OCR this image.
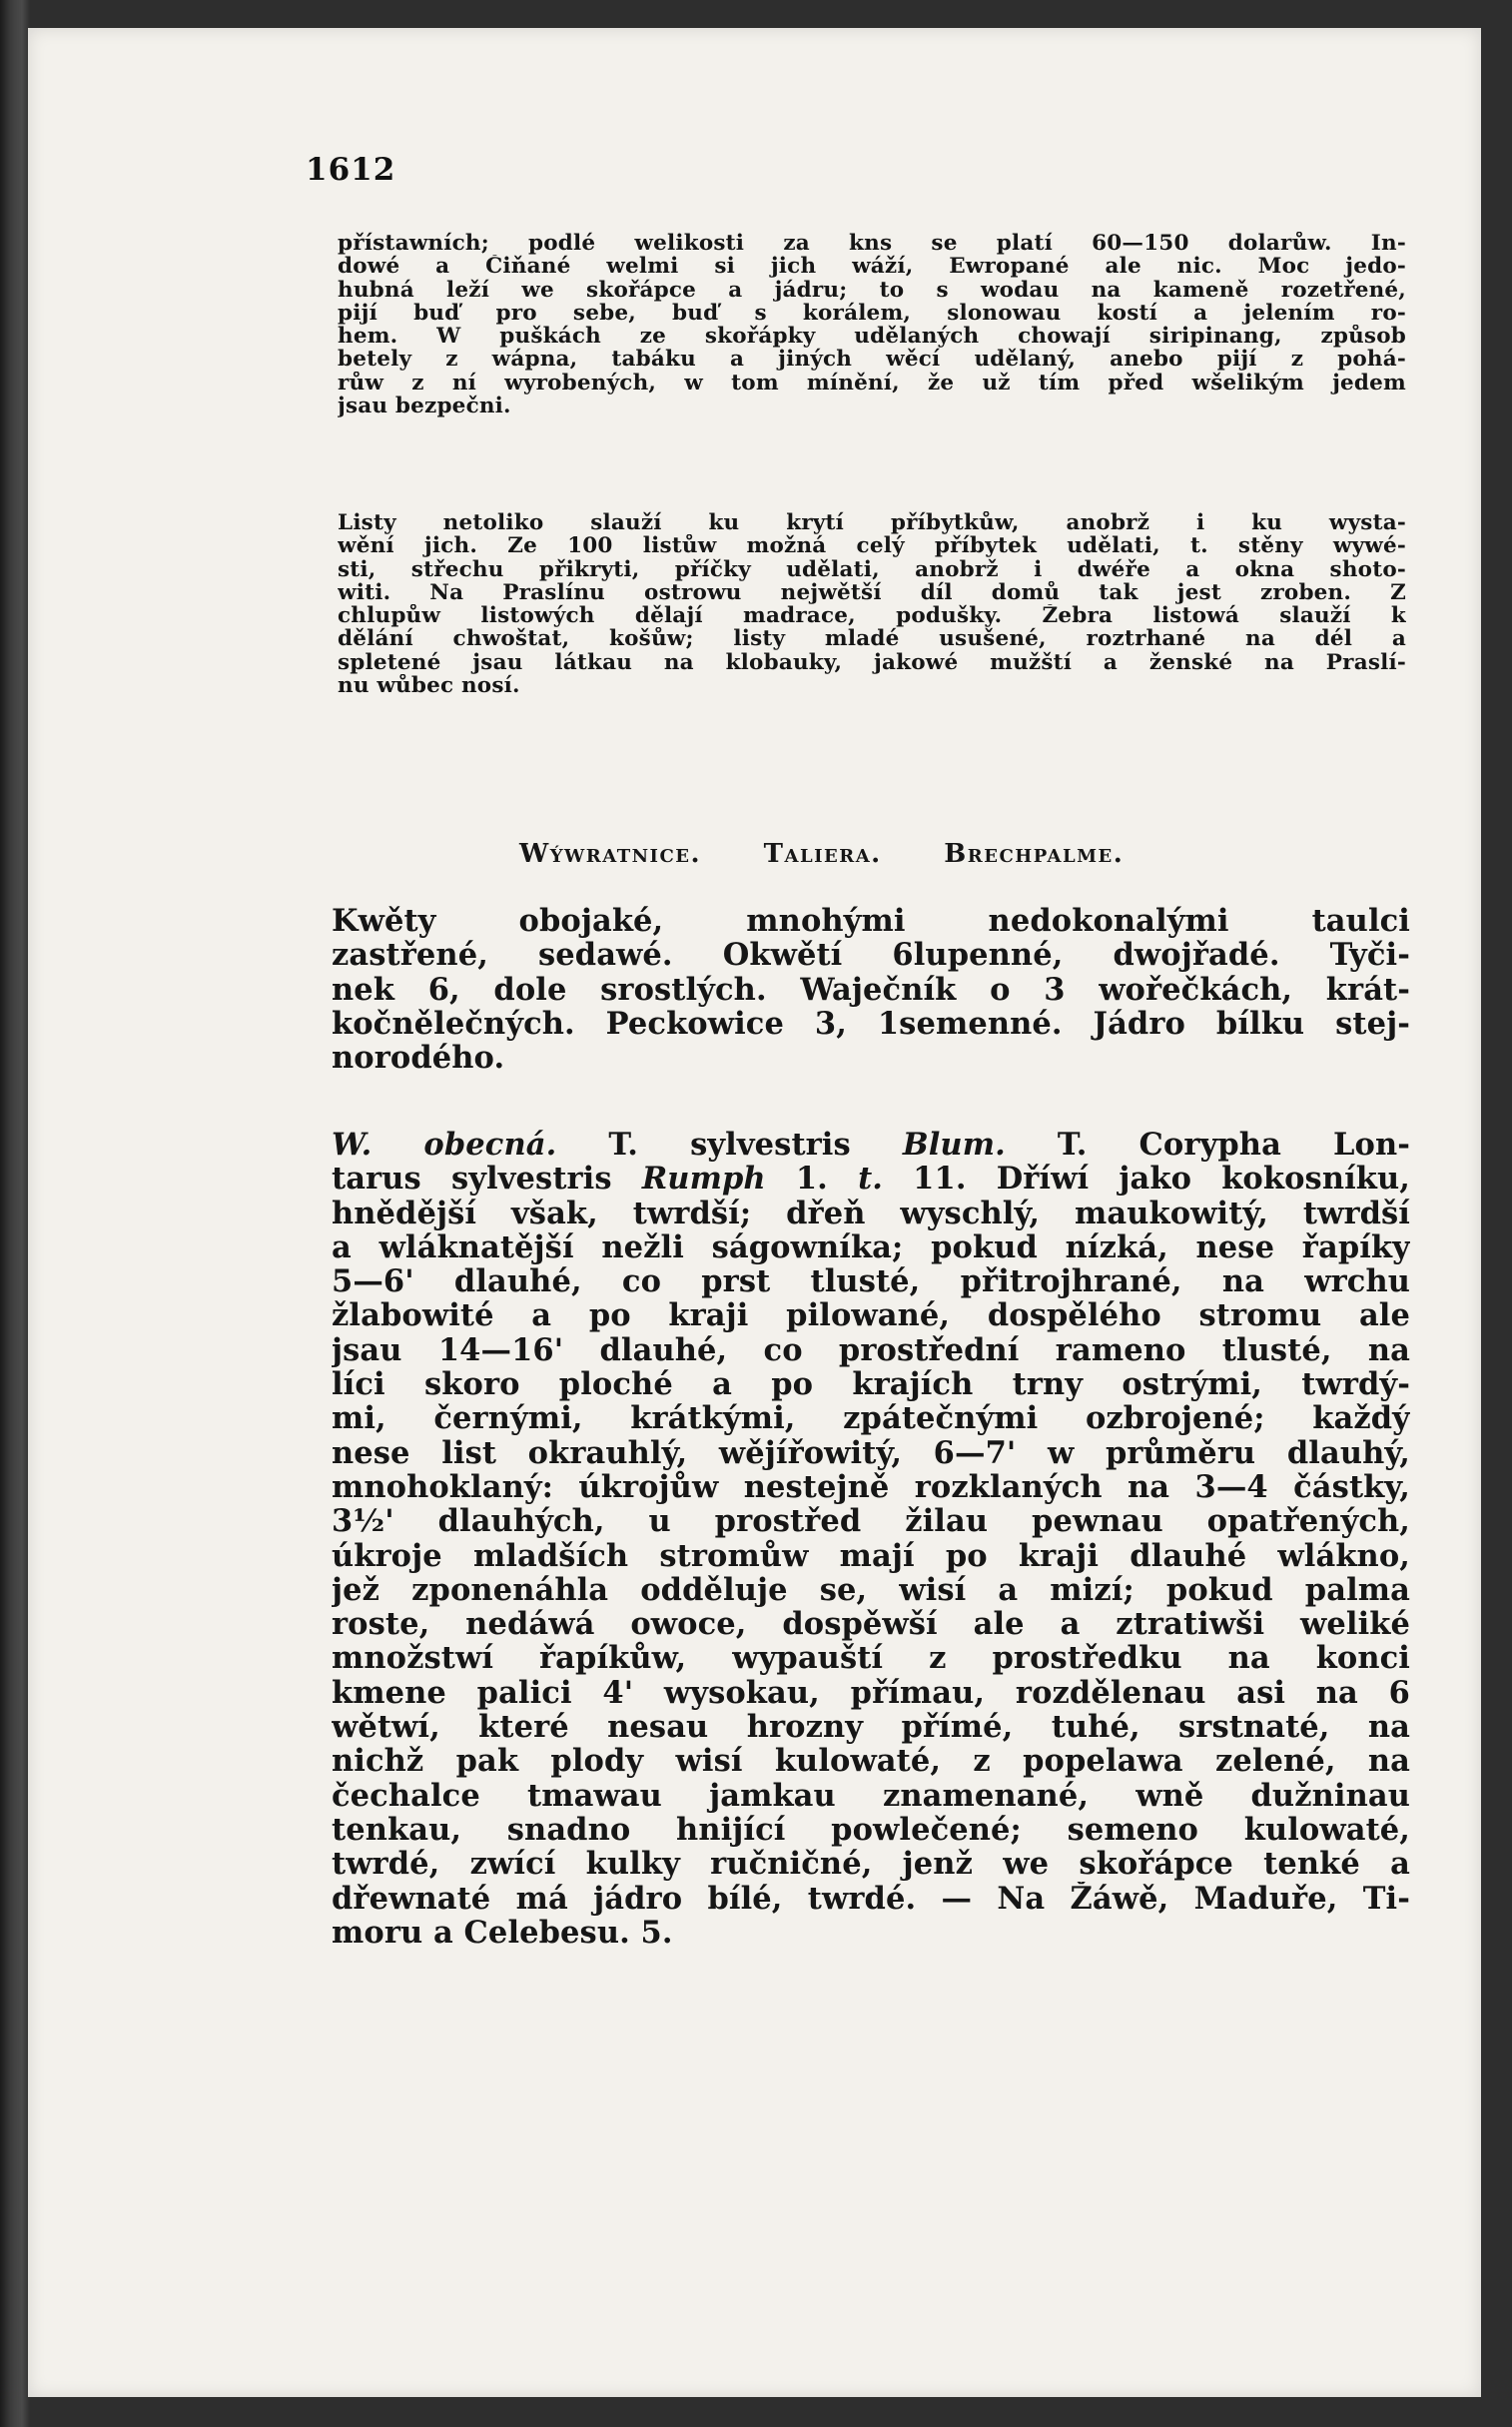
1612
přístawních; podlé welikosti za kns se platí 60—150 dolarůw. In-
dowé a Čiňané welmi si jich wáží, Ewropané ale nic. Moc jedo-
hubná leží we skořápce a jádru; to s wodau na kameně rozetřené,
pijí buď pro sebe, buď s korálem, slonowau kostí a jelením ro-
hem. W puškách ze skořápky udělaných chowají siripinang, způsob
betely z wápna, tabáku a jiných wěcí udělaný, anebo pijí z pohá-
růw z ní wyrobených, w tom mínění, že už tím před wšelikým jedem
jsau bezpečni.
Listy netoliko slauží ku krytí příbytkůw, anobrž i ku wysta-
wění jich. Ze 100 listůw možná celý příbytek udělati, t. stěny wywé-
sti, střechu přikryti, příčky udělati, anobrž i dwéře a okna shoto-
witi. Na Praslínu ostrowu nejwětší díl domů tak jest zroben. Z
chlupůw listowých dělají madrace, podušky. Žebra listowá slauží k
dělání chwoštat, košůw; listy mladé usušené, roztrhané na dél a
spletené jsau látkau na klobauky, jakowé mužští a ženské na Praslí-
nu wůbec nosí.
Wýwratnice. Taliera. Brechpalme.
Kwěty obojaké, mnohými nedokonalými taulci
zastřené, sedawé. Okwětí 6lupenné, dwojřadé. Tyči-
nek 6, dole srostlých. Waječník o 3 wořečkách, krát-
kočnělečných. Peckowice 3, 1semenné. Jádro bílku stej-
norodého.
W. obecná. T. sylvestris Blum. T. Corypha Lon-
tarus sylvestris Rumph 1. t. 11. Dříwí jako kokosníku,
hnědější však, twrdší; dřeň wyschlý, maukowitý, twrdší
a wláknatější nežli ságowníka; pokud nízká, nese řapíky
5—6' dlauhé, co prst tlusté, přitrojhrané, na wrchu
žlabowité a po kraji pilowané, dospělého stromu ale
jsau 14—16' dlauhé, co prostřední rameno tlusté, na
líci skoro ploché a po krajích trny ostrými, twrdý-
mi, černými, krátkými, zpátečnými ozbrojené; každý
nese list okrauhlý, wějířowitý, 6—7' w průměru dlauhý,
mnohoklaný: úkrojůw nestejně rozklaných na 3—4 částky,
3½' dlauhých, u prostřed žilau pewnau opatřených,
úkroje mladších stromůw mají po kraji dlauhé wlákno,
jež zponenáhla odděluje se, wisí a mizí; pokud palma
roste, nedáwá owoce, dospěwší ale a ztratiwši weliké
množstwí řapíkůw, wypauští z prostředku na konci
kmene palici 4' wysokau, přímau, rozdělenau asi na 6
wětwí, které nesau hrozny přímé, tuhé, srstnaté, na
nichž pak plody wisí kulowaté, z popelawa zelené, na
čechalce tmawau jamkau znamenané, wně dužninau
tenkau, snadno hnijící powlečené; semeno kulowaté,
twrdé, zwící kulky ručničné, jenž we skořápce tenké a
dřewnaté má jádro bílé, twrdé. — Na Žáwě, Maduře, Ti-
moru a Celebesu. 5.
